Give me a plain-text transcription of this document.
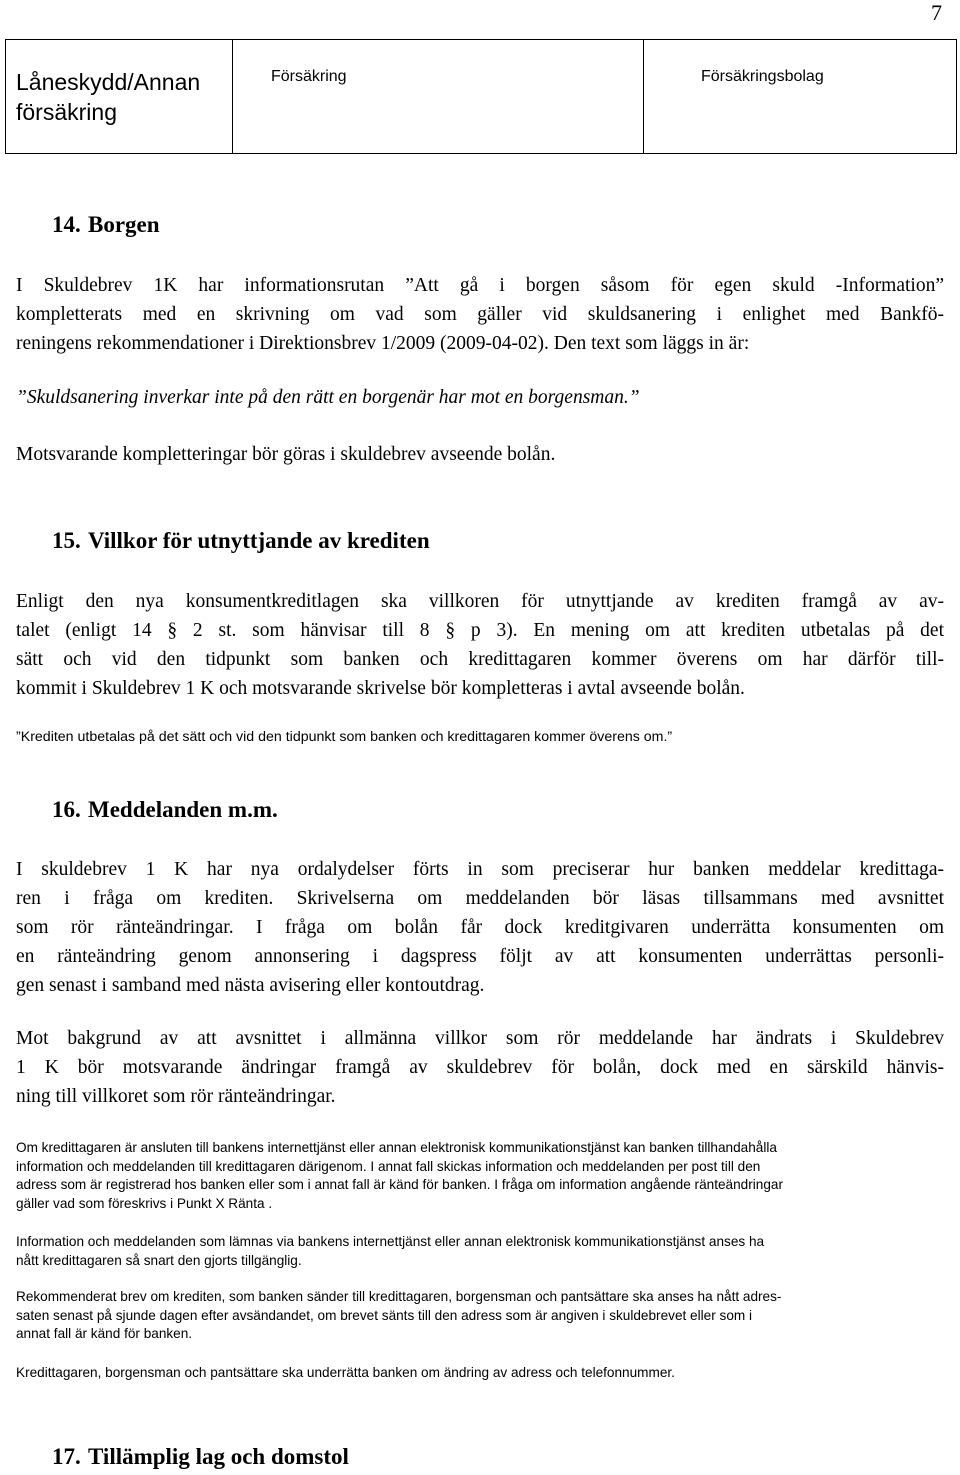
7
Låneskydd/Annan
försäkring

Försäkring	Försäkringsbolag
14. Borgen
I Skuldebrev 1K har informationsrutan ”Att gå i borgen såsom för egen skuld -Information”
kompletterats med en skrivning om vad som gäller vid skuldsanering i enlighet med Bankfö-
reningens rekommendationer i Direktionsbrev 1/2009 (2009-04-02). Den text som läggs in är:
”Skuldsanering inverkar inte på den rätt en borgenär har mot en borgensman.”
Motsvarande kompletteringar bör göras i skuldebrev avseende bolån.
15. Villkor för utnyttjande av krediten
Enligt den nya konsumentkreditlagen ska villkoren för utnyttjande av krediten framgå av av-
talet (enligt 14 § 2 st. som hänvisar till 8 § p 3). En mening om att krediten utbetalas på det
sätt och vid den tidpunkt som banken och kredittagaren kommer överens om har därför till-
kommit i Skuldebrev 1 K och motsvarande skrivelse bör kompletteras i avtal avseende bolån.
”Krediten utbetalas på det sätt och vid den tidpunkt som banken och kredittagaren kommer överens om.”
16. Meddelanden m.m.
I skuldebrev 1 K har nya ordalydelser förts in som preciserar hur banken meddelar kredittaga-
ren i fråga om krediten. Skrivelserna om meddelanden bör läsas tillsammans med avsnittet
som rör ränteändringar. I fråga om bolån får dock kreditgivaren underrätta konsumenten om
en ränteändring genom annonsering i dagspress följt av att konsumenten underrättas personli-
gen senast i samband med nästa avisering eller kontoutdrag.
Mot bakgrund av att avsnittet i allmänna villkor som rör meddelande har ändrats i Skuldebrev
1 K bör motsvarande ändringar framgå av skuldebrev för bolån, dock med en särskild hänvis-
ning till villkoret som rör ränteändringar.
Om kredittagaren är ansluten till bankens internettjänst eller annan elektronisk kommunikationstjänst kan banken tillhandahålla
information och meddelanden till kredittagaren därigenom. I annat fall skickas information och meddelanden per post till den
adress som är registrerad hos banken eller som i annat fall är känd för banken. I fråga om information angående ränteändringar
gäller vad som föreskrivs i Punkt X Ränta .
Information och meddelanden som lämnas via bankens internettjänst eller annan elektronisk kommunikationstjänst anses ha
nått kredittagaren så snart den gjorts tillgänglig.
Rekommenderat brev om krediten, som banken sänder till kredittagaren, borgensman och pantsättare ska anses ha nått adres-
saten senast på sjunde dagen efter avsändandet, om brevet sänts till den adress som är angiven i skuldebrevet eller som i
annat fall är känd för banken.
Kredittagaren, borgensman och pantsättare ska underrätta banken om ändring av adress och telefonnummer.
17. Tillämplig lag och domstol
